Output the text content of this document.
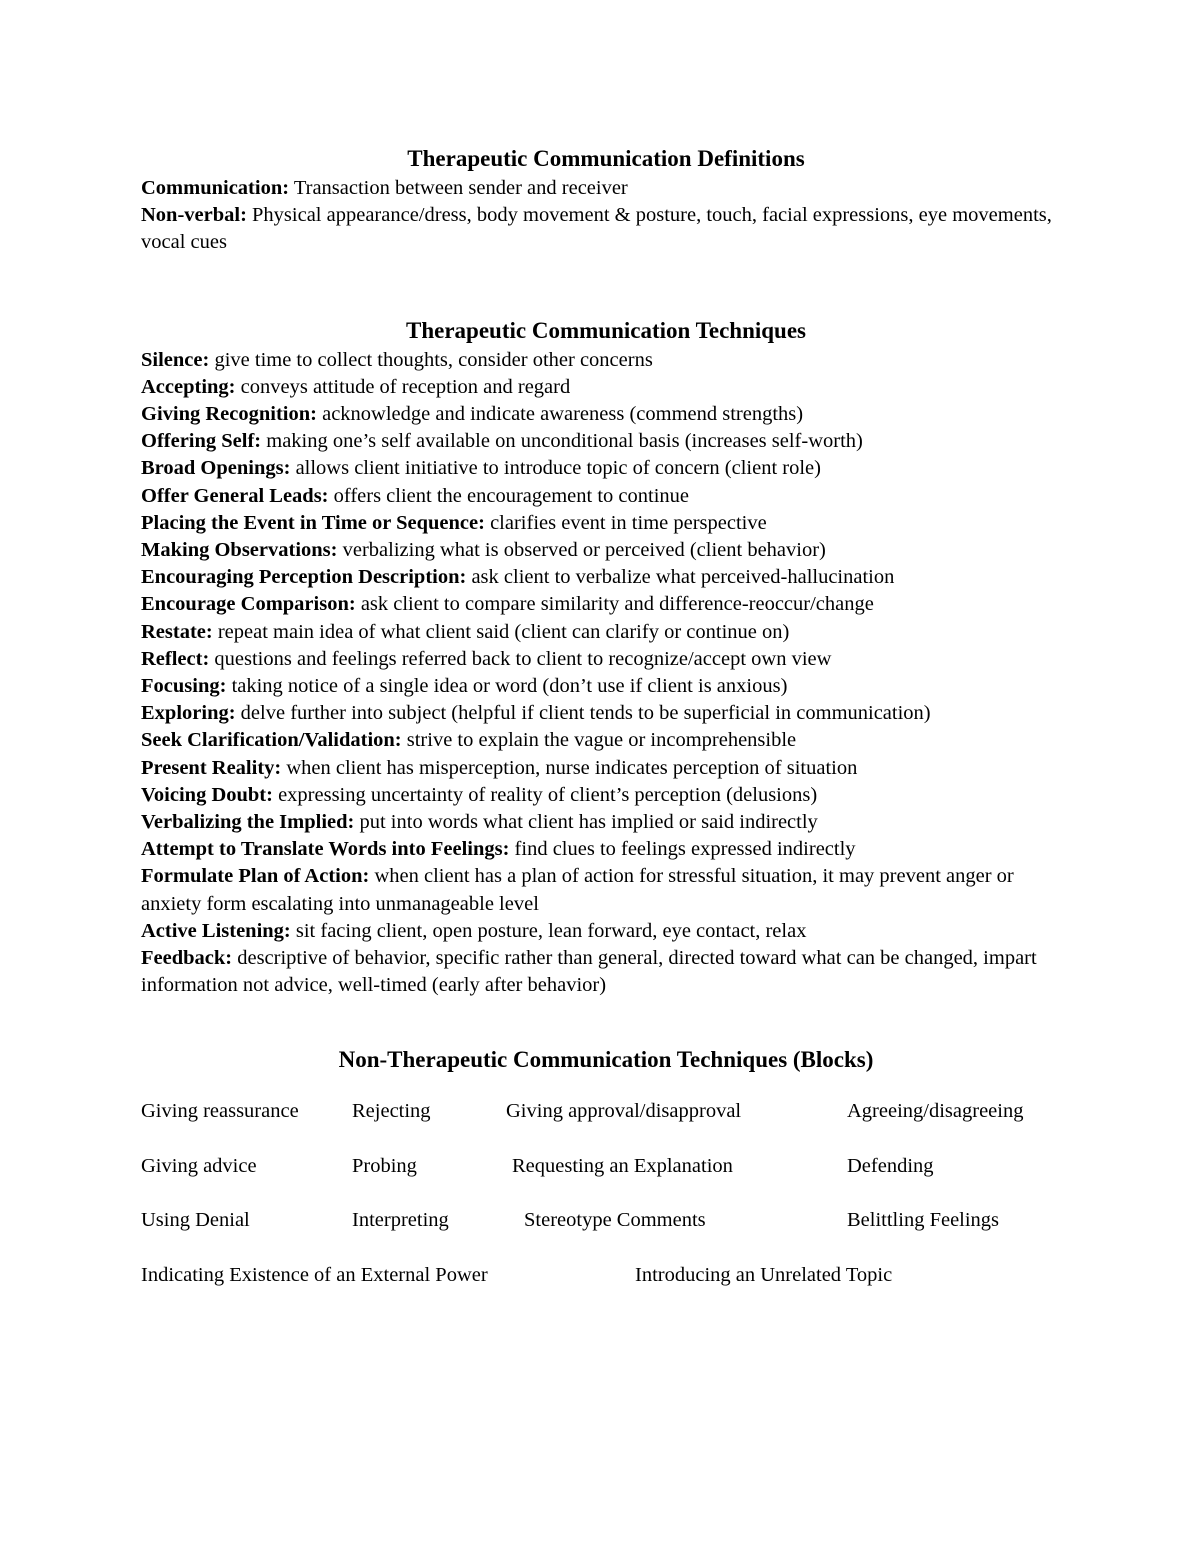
Therapeutic Communication Definitions

Communication: Transaction between sender and receiver

Non-verbal: Physical appearance/dress, body movement & posture, touch, facial expressions, eye movements, vocal cues

Therapeutic Communication Techniques

Silence: give time to collect thoughts, consider other concerns

Accepting: conveys attitude of reception and regard

Giving Recognition: acknowledge and indicate awareness (commend strengths)

Offering Self: making one’s self available on unconditional basis (increases self-worth)

Broad Openings: allows client initiative to introduce topic of concern (client role)

Offer General Leads: offers client the encouragement to continue

Placing the Event in Time or Sequence: clarifies event in time perspective

Making Observations: verbalizing what is observed or perceived (client behavior)

Encouraging Perception Description: ask client to verbalize what perceived-hallucination

Encourage Comparison: ask client to compare similarity and difference-reoccur/change

Restate: repeat main idea of what client said (client can clarify or continue on)

Reflect: questions and feelings referred back to client to recognize/accept own view

Focusing: taking notice of a single idea or word (don’t use if client is anxious)

Exploring: delve further into subject (helpful if client tends to be superficial in communication)

Seek Clarification/Validation: strive to explain the vague or incomprehensible

Present Reality: when client has misperception, nurse indicates perception of situation

Voicing Doubt: expressing uncertainty of reality of client’s perception (delusions)

Verbalizing the Implied: put into words what client has implied or said indirectly

Attempt to Translate Words into Feelings: find clues to feelings expressed indirectly

Formulate Plan of Action: when client has a plan of action for stressful situation, it may prevent anger or anxiety form escalating into unmanageable level

Active Listening: sit facing client, open posture, lean forward, eye contact, relax

Feedback: descriptive of behavior, specific rather than general, directed toward what can be changed, impart information not advice, well-timed (early after behavior)

Non-Therapeutic Communication Techniques (Blocks)
Giving reassurance	Rejecting	Giving approval/disapproval	Agreeing/disagreeing
Giving advice	Probing	Requesting an Explanation	Defending
Using Denial	Interpreting	Stereotype Comments	Belittling Feelings
Indicating Existence of an External Power	Introducing an Unrelated Topic
